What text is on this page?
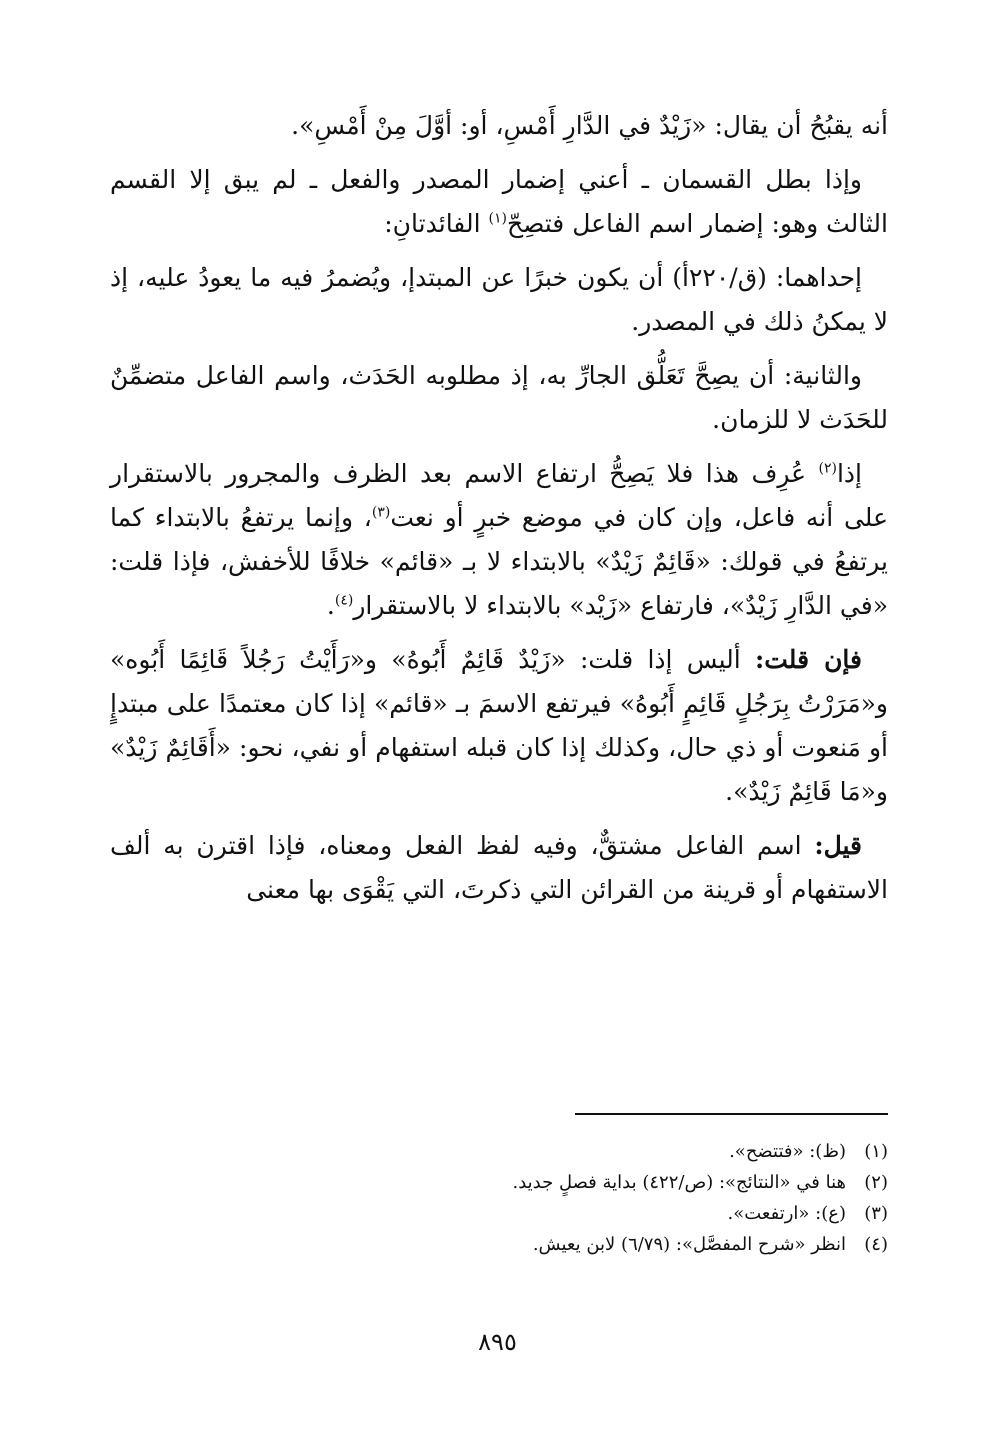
أنه يقبُحُ أن يقال: «زَيْدٌ في الدَّارِ أَمْسِ، أو: أوَّلَ مِنْ أَمْسِ».

وإذا بطل القسمان ـ أعني إضمار المصدر والفعل ـ لم يبق إلا القسم الثالث وهو: إضمار اسم الفاعل فتصِحّ$^{(١)}$ الفائدتانِ:

إحداهما: (ق/٢٢٠أ) أن يكون خبرًا عن المبتدإ، ويُضمرُ فيه ما يعودُ عليه، إذ لا يمكنُ ذلك في المصدر.

والثانية: أن يصِحَّ تَعَلُّق الجارِّ به، إذ مطلوبه الحَدَث، واسم الفاعل متضمِّنٌ للحَدَث لا للزمان.

إذا$^{(٢)}$ عُرِف هذا فلا يَصِحُّ ارتفاع الاسم بعد الظرف والمجرور بالاستقرار على أنه فاعل، وإن كان في موضع خبرٍ أو نعت$^{(٣)}$، وإنما يرتفعُ بالابتداء كما يرتفعُ في قولك: «قَائِمٌ زَيْدٌ» بالابتداء لا بـ «قائم» خلافًا للأخفش، فإذا قلت: «في الدَّارِ زَيْدٌ»، فارتفاع «زَيْد» بالابتداء لا بالاستقرار$^{(٤)}$.

فإن قلت: أليس إذا قلت: «زَيْدٌ قَائِمٌ أَبُوهُ» و«رَأَيْتُ رَجُلاً قَائِمًا أَبُوه» و«مَرَرْتُ بِرَجُلٍ قَائِمٍ أَبُوهُ» فيرتفع الاسمَ بـ «قائم» إذا كان معتمدًا على مبتدإٍ أو مَنعوت أو ذي حال، وكذلك إذا كان قبله استفهام أو نفي، نحو: «أَقَائِمٌ زَيْدٌ» و«مَا قَائِمٌ زَيْدٌ».

قيل: اسم الفاعل مشتقٌّ، وفيه لفظ الفعل ومعناه، فإذا اقترن به ألف الاستفهام أو قرينة من القرائن التي ذكرتَ، التي يَقْوَى بها معنى

(١)
(ظ): «فتتضح».
(٢)
هنا في «النتائج»: (ص/٤٢٢) بداية فصلٍ جديد.
(٣)
(ع): «ارتفعت».
(٤)
انظر «شرح المفصَّل»: (٦/٧٩) لابن يعيش.
٨٩٥
